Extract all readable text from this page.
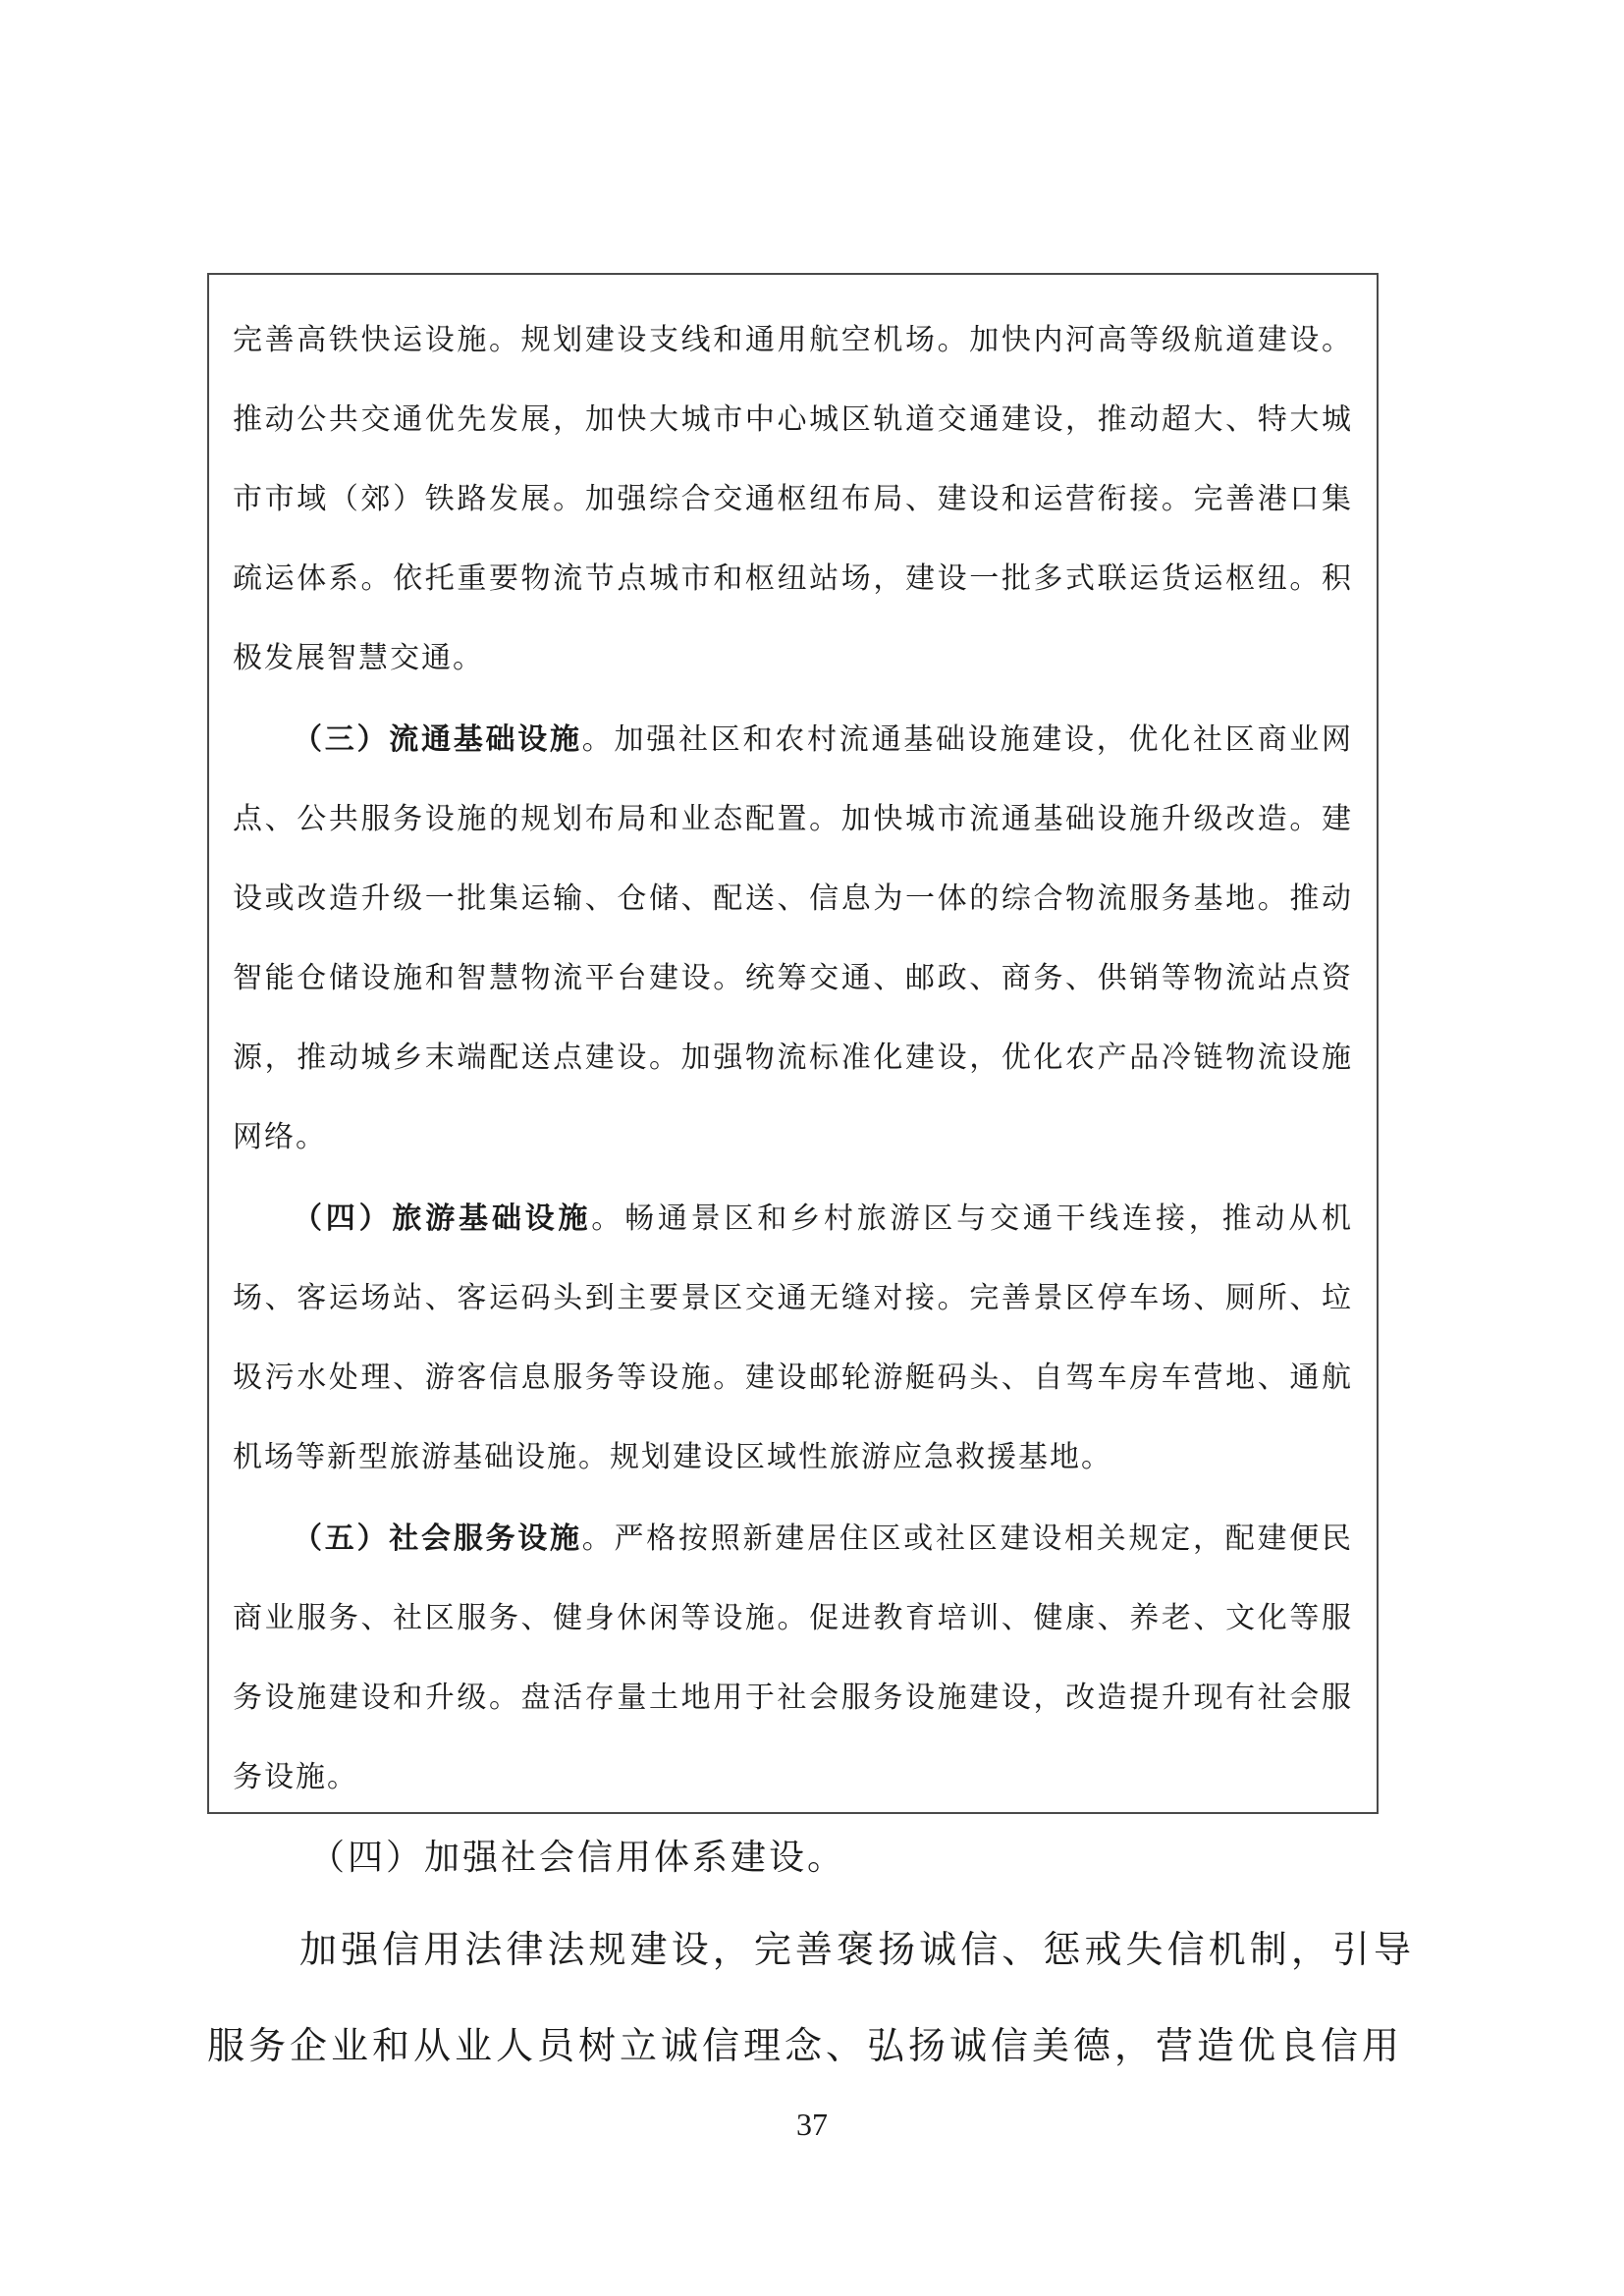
完善高铁快运设施。规划建设支线和通用航空机场。加快内河高等级航道建设。推动公共交通优先发展，加快大城市中心城区轨道交通建设，推动超大、特大城市市域（郊）铁路发展。加强综合交通枢纽布局、建设和运营衔接。完善港口集疏运体系。依托重要物流节点城市和枢纽站场，建设一批多式联运货运枢纽。积极发展智慧交通。

（三）流通基础设施。加强社区和农村流通基础设施建设，优化社区商业网点、公共服务设施的规划布局和业态配置。加快城市流通基础设施升级改造。建设或改造升级一批集运输、仓储、配送、信息为一体的综合物流服务基地。推动智能仓储设施和智慧物流平台建设。统筹交通、邮政、商务、供销等物流站点资源，推动城乡末端配送点建设。加强物流标准化建设，优化农产品冷链物流设施网络。

（四）旅游基础设施。畅通景区和乡村旅游区与交通干线连接，推动从机场、客运场站、客运码头到主要景区交通无缝对接。完善景区停车场、厕所、垃圾污水处理、游客信息服务等设施。建设邮轮游艇码头、自驾车房车营地、通航机场等新型旅游基础设施。规划建设区域性旅游应急救援基地。

（五）社会服务设施。严格按照新建居住区或社区建设相关规定，配建便民商业服务、社区服务、健身休闲等设施。促进教育培训、健康、养老、文化等服务设施建设和升级。盘活存量土地用于社会服务设施建设，改造提升现有社会服务设施。

（四）加强社会信用体系建设。

加强信用法律法规建设，完善褒扬诚信、惩戒失信机制，引导服务企业和从业人员树立诚信理念、弘扬诚信美德，营造优良信用

37
